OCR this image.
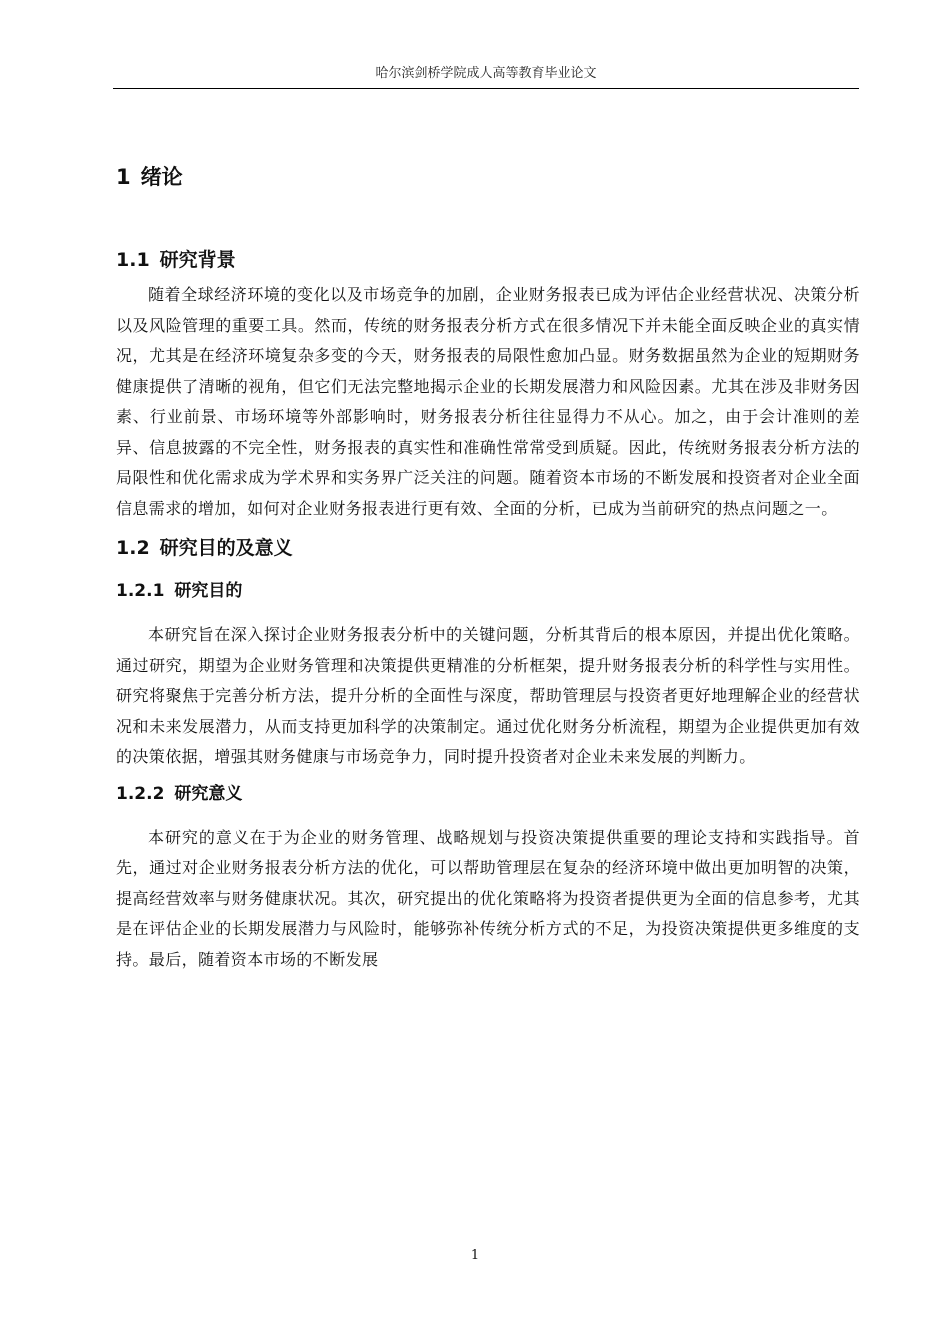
哈尔滨剑桥学院成人高等教育毕业论文
1 绪论
1.1 研究背景

随着全球经济环境的变化以及市场竞争的加剧，企业财务报表已成为评估企业经营状况、决策分析以及风险管理的重要工具。然而，传统的财务报表分析方式在很多情况下并未能全面反映企业的真实情况，尤其是在经济环境复杂多变的今天，财务报表的局限性愈加凸显。财务数据虽然为企业的短期财务健康提供了清晰的视角，但它们无法完整地揭示企业的长期发展潜力和风险因素。尤其在涉及非财务因素、行业前景、市场环境等外部影响时，财务报表分析往往显得力不从心。加之，由于会计准则的差异、信息披露的不完全性，财务报表的真实性和准确性常常受到质疑。因此，传统财务报表分析方法的局限性和优化需求成为学术界和实务界广泛关注的问题。随着资本市场的不断发展和投资者对企业全面信息需求的增加，如何对企业财务报表进行更有效、全面的分析，已成为当前研究的热点问题之一。

1.2 研究目的及意义
1.2.1 研究目的

本研究旨在深入探讨企业财务报表分析中的关键问题，分析其背后的根本原因，并提出优化策略。通过研究，期望为企业财务管理和决策提供更精准的分析框架，提升财务报表分析的科学性与实用性。研究将聚焦于完善分析方法，提升分析的全面性与深度，帮助管理层与投资者更好地理解企业的经营状况和未来发展潜力，从而支持更加科学的决策制定。通过优化财务分析流程，期望为企业提供更加有效的决策依据，增强其财务健康与市场竞争力，同时提升投资者对企业未来发展的判断力。

1.2.2 研究意义

本研究的意义在于为企业的财务管理、战略规划与投资决策提供重要的理论支持和实践指导。首先，通过对企业财务报表分析方法的优化，可以帮助管理层在复杂的经济环境中做出更加明智的决策，提高经营效率与财务健康状况。其次，研究提出的优化策略将为投资者提供更为全面的信息参考，尤其是在评估企业的长期发展潜力与风险时，能够弥补传统分析方式的不足，为投资决策提供更多维度的支持。最后，随着资本市场的不断发展

1
